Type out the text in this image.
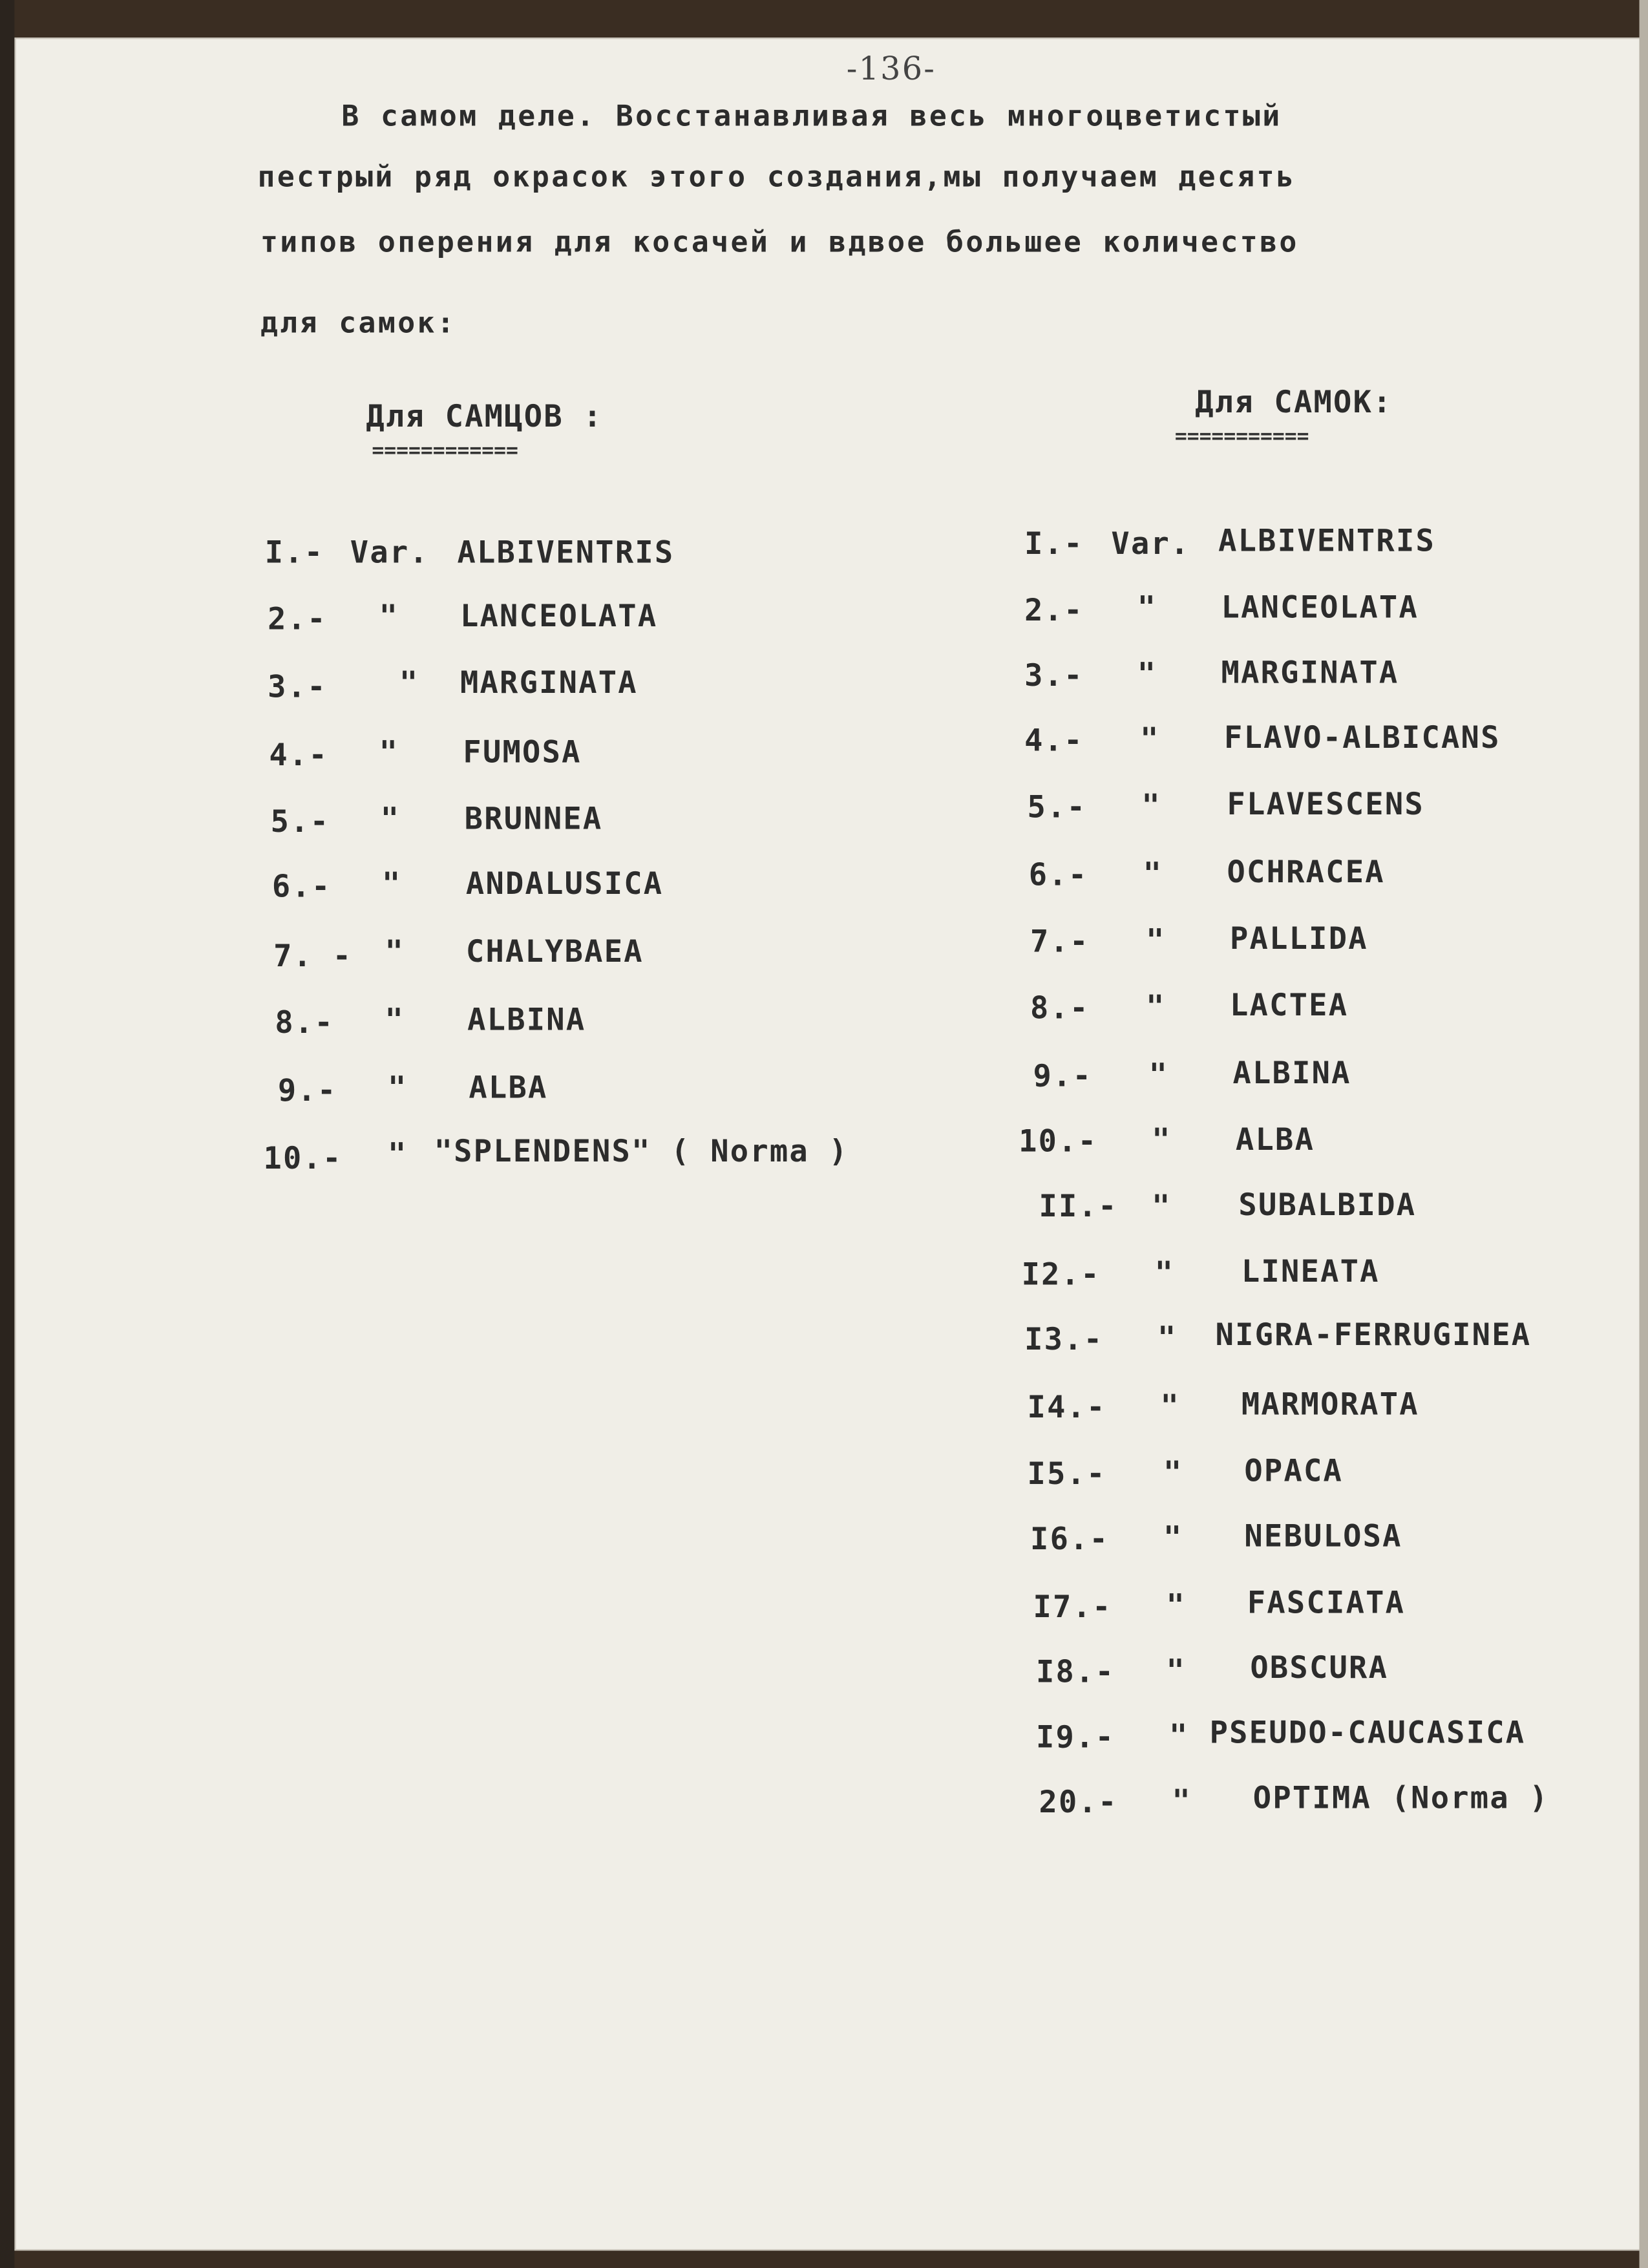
-136-
В самом деле. Восстанавливая весь многоцветистый
пестрый ряд окрасок этого создания,мы получаем десять
типов оперения для косачей и вдвое большее количество
для самок:
Для САМЦОВ :
============
Для САМОК:
===========
I.- Var. ALBIVENTRIS
2.-	"	LANCEOLATA
3.-	"	MARGINATA
4.-	"	FUMOSA
5.-	"	BRUNNEA
6.-	"	ANDALUSICA
7. - "	CHALYBAEA
8.-	"	ALBINA
9.-	"	ALBA
10.-	" "SPLENDENS" ( Norma )
I.- Var. ALBIVENTRIS
2.-	"	LANCEOLATA
3.-	"	MARGINATA
4.-	"	FLAVO-ALBICANS
5.-	"	FLAVESCENS
6.-	"	OCHRACEA
7.-	"	PALLIDA
8.-	"	LACTEA
9.-	"	ALBINA
10.-	"	ALBA
II.- "	SUBALBIDA
I2.-	"	LINEATA
I3.-	"	NIGRA-FERRUGINEA
I4.-	"	MARMORATA
I5.-	"	OPACA
I6.-	"	NEBULOSA
I7.-	"	FASCIATA
I8.-	"	OBSCURA
I9.-	" PSEUDO-CAUCASICA
20.-	"	OPTIMA (Norma )
